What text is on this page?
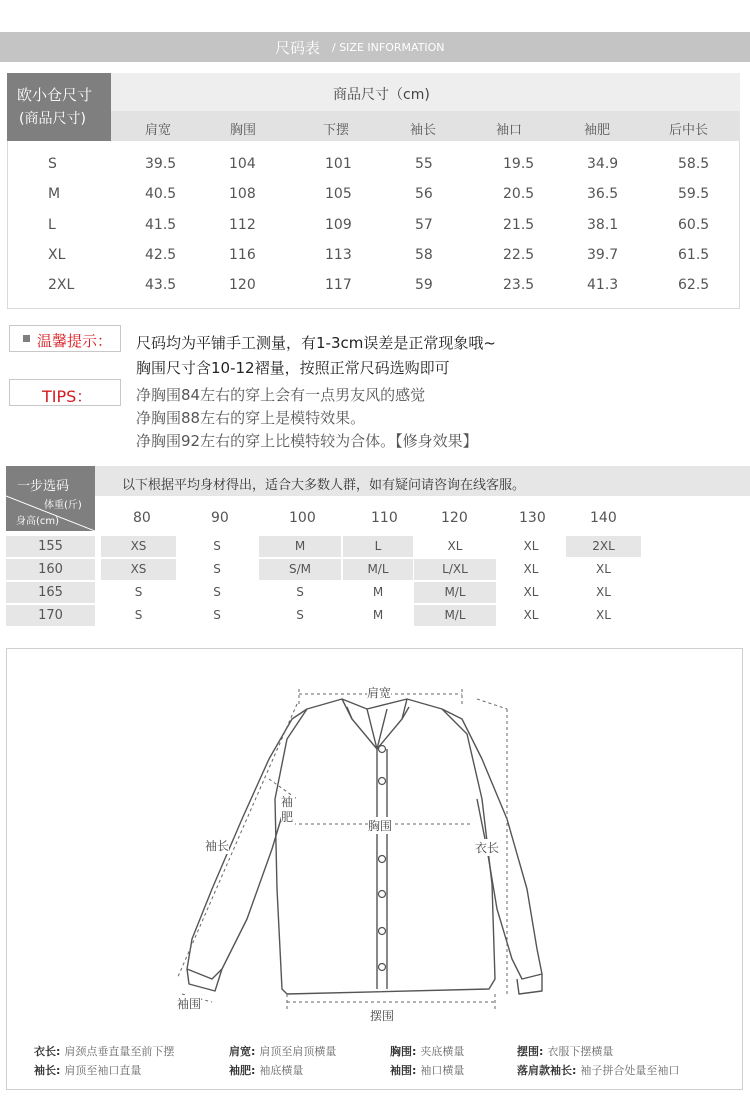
尺码表 / SIZE INFORMATION
欧小仓尺寸
(商品尺寸)
商品尺寸（cm)
肩宽	胸围	下摆	袖长	袖口	袖肥	后中长
S	39.5	104	101	55	19.5	34.9	58.5
M	40.5	108	105	56	20.5	36.5	59.5
L	41.5	112	109	57	21.5	38.1	60.5
XL	42.5	116	113	58	22.5	39.7	61.5
2XL	43.5	120	117	59	23.5	41.3	62.5
温馨提示：
TIPS：
尺码均为平铺手工测量，有1-3cm误差是正常现象哦~
胸围尺寸含10-12褶量，按照正常尺码选购即可
净胸围84左右的穿上会有一点男友风的感觉
净胸围88左右的穿上是模特效果。
净胸围92左右的穿上比模特较为合体。【修身效果】
一步选码
体重(斤)
身高(cm)
以下根据平均身材得出，适合大多数人群，如有疑问请咨询在线客服。
80	90	100	110	120	130	140
155	XS	S	M	L	XL	XL	2XL
160	XS	S	S/M	M/L	L/XL	XL	XL
165	S	S	S	M	M/L	XL	XL
170	S	S	S	M	M/L	XL	XL
肩宽
袖
肥
胸围
袖长	衣长
袖围
摆围
衣长: 肩颈点垂直量至前下摆	肩宽: 肩顶至肩顶横量	胸围: 夹底横量	摆围: 衣服下摆横量
袖长: 肩顶至袖口直量	袖肥: 袖底横量	袖围: 袖口横量	落肩款袖长: 袖子拼合处量至袖口
